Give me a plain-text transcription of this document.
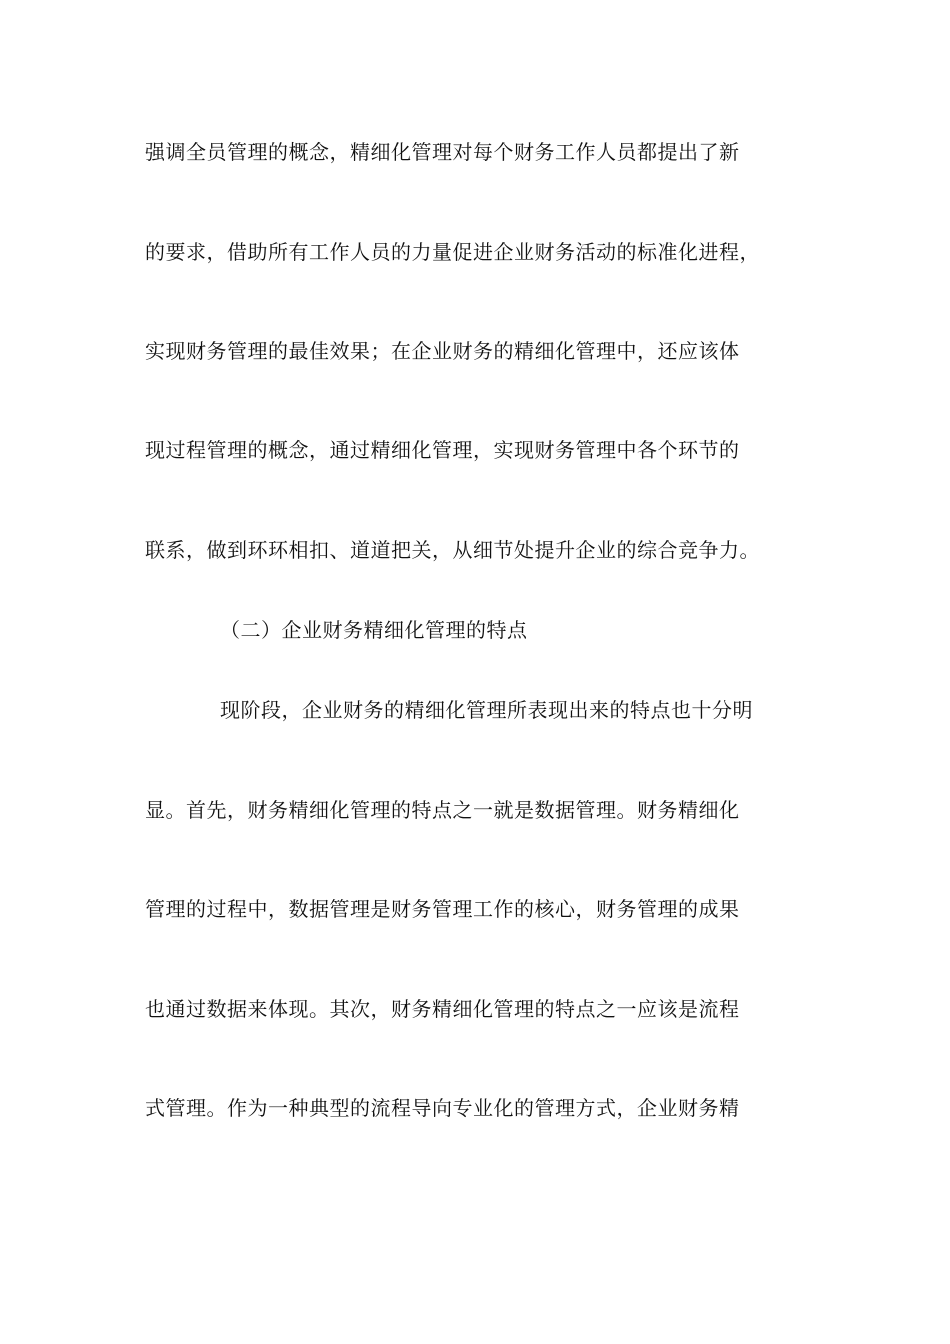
强调全员管理的概念，精细化管理对每个财务工作人员都提出了新
的要求，借助所有工作人员的力量促进企业财务活动的标准化进程，
实现财务管理的最佳效果；在企业财务的精细化管理中，还应该体
现过程管理的概念，通过精细化管理，实现财务管理中各个环节的
联系，做到环环相扣、道道把关，从细节处提升企业的综合竞争力。
（二）企业财务精细化管理的特点
现阶段，企业财务的精细化管理所表现出来的特点也十分明
显。首先，财务精细化管理的特点之一就是数据管理。财务精细化
管理的过程中，数据管理是财务管理工作的核心，财务管理的成果
也通过数据来体现。其次，财务精细化管理的特点之一应该是流程
式管理。作为一种典型的流程导向专业化的管理方式，企业财务精
